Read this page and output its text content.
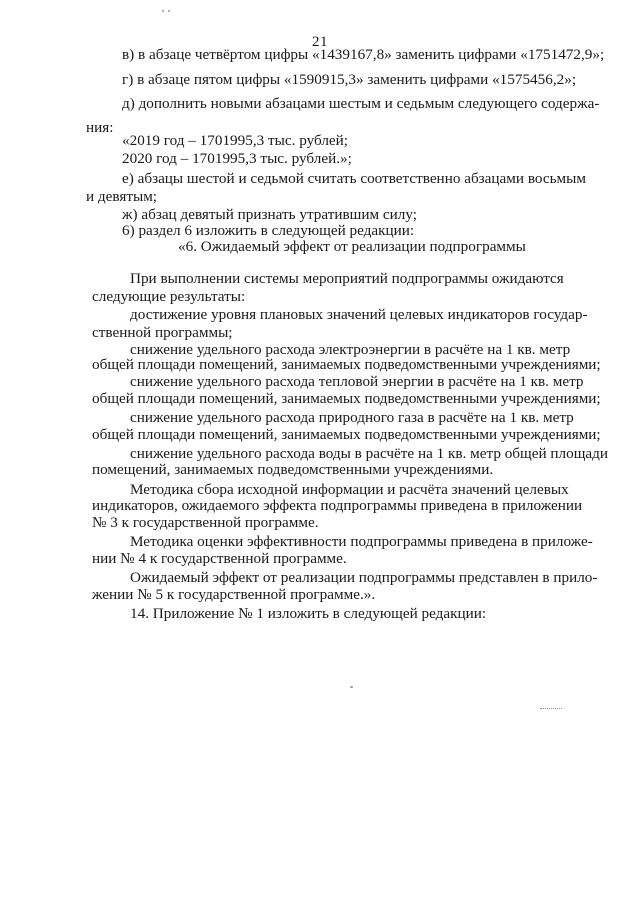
21
в) в абзаце четвёртом цифры «1439167,8» заменить цифрами «1751472,9»;
г) в абзаце пятом цифры «1590915,3» заменить цифрами «1575456,2»;
д) дополнить новыми абзацами шестым и седьмым следующего содержа-
ния:
«2019 год – 1701995,3 тыс. рублей;
2020 год – 1701995,3 тыс. рублей.»;
е) абзацы шестой и седьмой считать соответственно абзацами восьмым
и девятым;
ж) абзац девятый признать утратившим силу;
6) раздел 6 изложить в следующей редакции:
«6. Ожидаемый эффект от реализации подпрограммы
При выполнении системы мероприятий подпрограммы ожидаются
следующие результаты:
достижение уровня плановых значений целевых индикаторов государ-
ственной программы;
снижение удельного расхода электроэнергии в расчёте на 1 кв. метр
общей площади помещений, занимаемых подведомственными учреждениями;
снижение удельного расхода тепловой энергии в расчёте на 1 кв. метр
общей площади помещений, занимаемых подведомственными учреждениями;
снижение удельного расхода природного газа в расчёте на 1 кв. метр
общей площади помещений, занимаемых подведомственными учреждениями;
снижение удельного расхода воды в расчёте на 1 кв. метр общей площади
помещений, занимаемых подведомственными учреждениями.
Методика сбора исходной информации и расчёта значений целевых
индикаторов, ожидаемого эффекта подпрограммы приведена в приложении
№ 3 к государственной программе.
Методика оценки эффективности подпрограммы приведена в приложе-
нии № 4 к государственной программе.
Ожидаемый эффект от реализации подпрограммы представлен в прило-
жении № 5 к государственной программе.».
14. Приложение № 1 изложить в следующей редакции:
